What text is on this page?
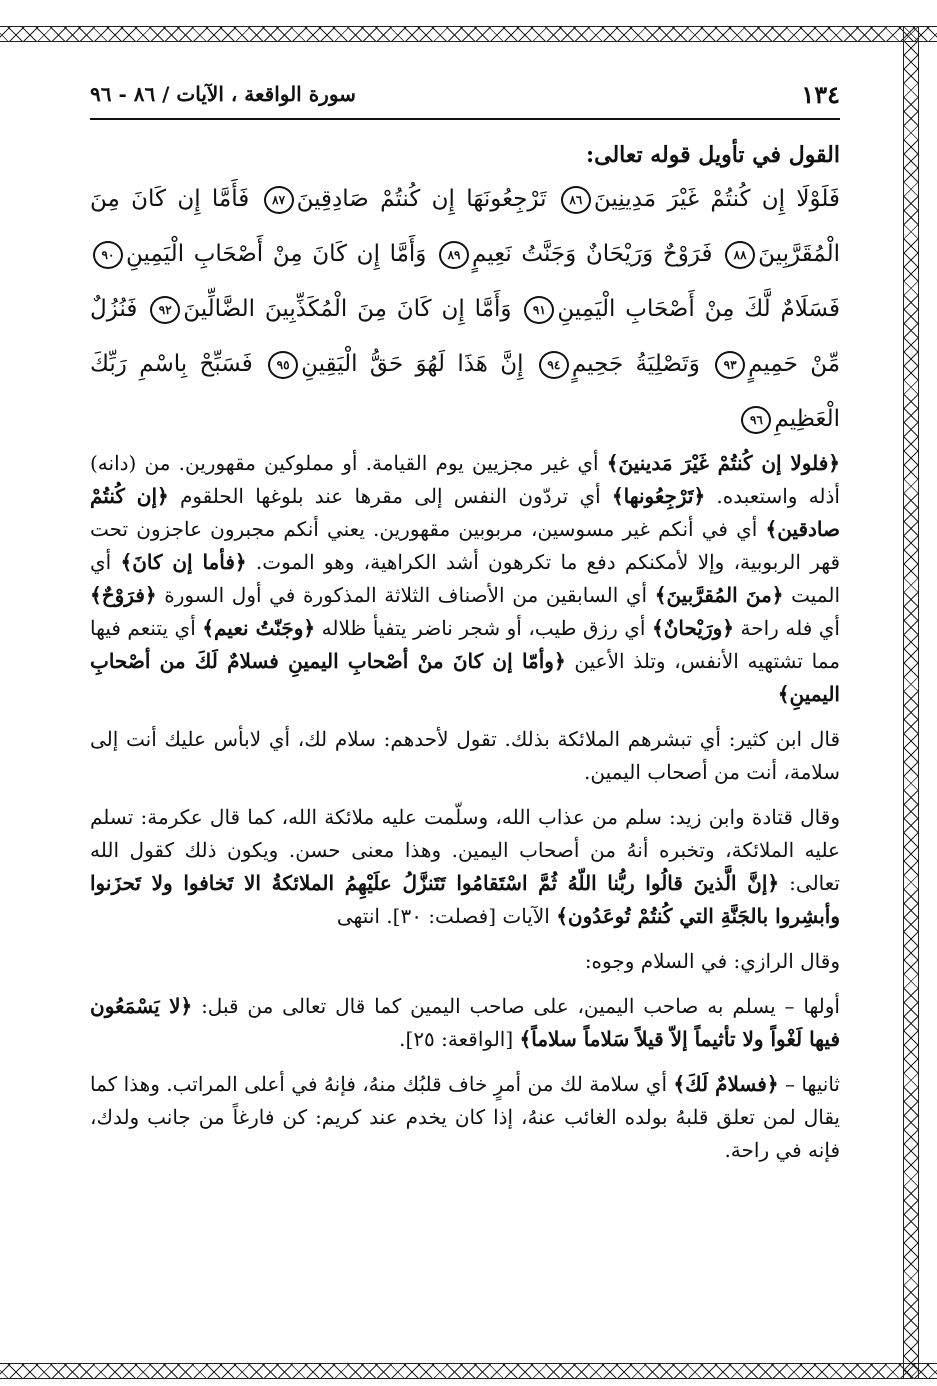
١٣٤
سورة الواقعة ، الآيات / ٨٦ - ٩٦
القول في تأويل قوله تعالى:
فَلَوْلَا إِن كُنتُمْ غَيْرَ مَدِينِينَ٨٦ تَرْجِعُونَهَا إِن كُنتُمْ صَادِقِينَ٨٧ فَأَمَّا إِن كَانَ مِنَ الْمُقَرَّبِينَ٨٨ فَرَوْحٌ وَرَيْحَانٌ وَجَنَّتُ نَعِيمٍ٨٩ وَأَمَّا إِن كَانَ مِنْ أَصْحَابِ الْيَمِينِ٩٠ فَسَلَامٌ لَّكَ مِنْ أَصْحَابِ الْيَمِينِ٩١ وَأَمَّا إِن كَانَ مِنَ الْمُكَذِّبِينَ الضَّالِّينَ٩٢ فَنُزُلٌ مِّنْ حَمِيمٍ٩٣ وَتَصْلِيَةُ جَحِيمٍ٩٤ إِنَّ هَذَا لَهُوَ حَقُّ الْيَقِينِ٩٥ فَسَبِّحْ بِاسْمِ رَبِّكَ الْعَظِيمِ٩٦

﴿فلولا إن كُنتُمْ غَيْرَ مَدينينَ﴾ أي غير مجزيين يوم القيامة. أو مملوكين مقهورين. من (دانه) أذله واستعبده. ﴿تَرْجِعُونها﴾ أي تردّون النفس إلى مقرها عند بلوغها الحلقوم ﴿إن كُنتُمْ صادقين﴾ أي في أنكم غير مسوسين، مربوبين مقهورين. يعني أنكم مجبرون عاجزون تحت قهر الربوبية، وإلا لأمكنكم دفع ما تكرهون أشد الكراهية، وهو الموت. ﴿فأما إن كانَ﴾ أي الميت ﴿منَ المُقرَّبينَ﴾ أي السابقين من الأصناف الثلاثة المذكورة في أول السورة ﴿فرَوْحٌ﴾ أي فله راحة ﴿ورَيْحانٌ﴾ أي رزق طيب، أو شجر ناضر يتفيأ ظلاله ﴿وجَنّتُ نعيم﴾ أي يتنعم فيها مما تشتهيه الأنفس، وتلذ الأعين ﴿وأمّا إن كانَ منْ أصْحابِ اليمينِ فسلامٌ لَكَ من أصْحابِ اليمينِ﴾

قال ابن كثير: أي تبشرهم الملائكة بذلك. تقول لأحدهم: سلام لك، أي لابأس عليك أنت إلى سلامة، أنت من أصحاب اليمين.

وقال قتادة وابن زيد: سلم من عذاب الله، وسلّمت عليه ملائكة الله، كما قال عكرمة: تسلم عليه الملائكة، وتخبره أنهُ من أصحاب اليمين. وهذا معنى حسن. ويكون ذلك كقول الله تعالى: ﴿إنَّ الَّذينَ قالُوا ربُّنا اللّهُ ثُمَّ اسْتَقامُوا تَتَنزَّلُ علَيْهِمُ الملائكةُ الا تَخافوا ولا تَحزَنوا وأبشِروا بالجَنَّةِ التي كُنتُمْ تُوعَدُون﴾ الآيات [فصلت: ٣٠]. انتهى

وقال الرازي: في السلام وجوه:

أولها – يسلم به صاحب اليمين، على صاحب اليمين كما قال تعالى من قبل: ﴿لا يَسْمَعُون فيها لَغْواً ولا تأثيماً إلاّ قيلاً سَلاماً سلاماً﴾ [الواقعة: ٢٥].

ثانيها – ﴿فسلامٌ لَكَ﴾ أي سلامة لك من أمرٍ خاف قلبُك منهُ، فإنهُ في أعلى المراتب. وهذا كما يقال لمن تعلق قلبهُ بولده الغائب عنهُ، إذا كان يخدم عند كريم: كن فارغاً من جانب ولدك، فإنه في راحة.
